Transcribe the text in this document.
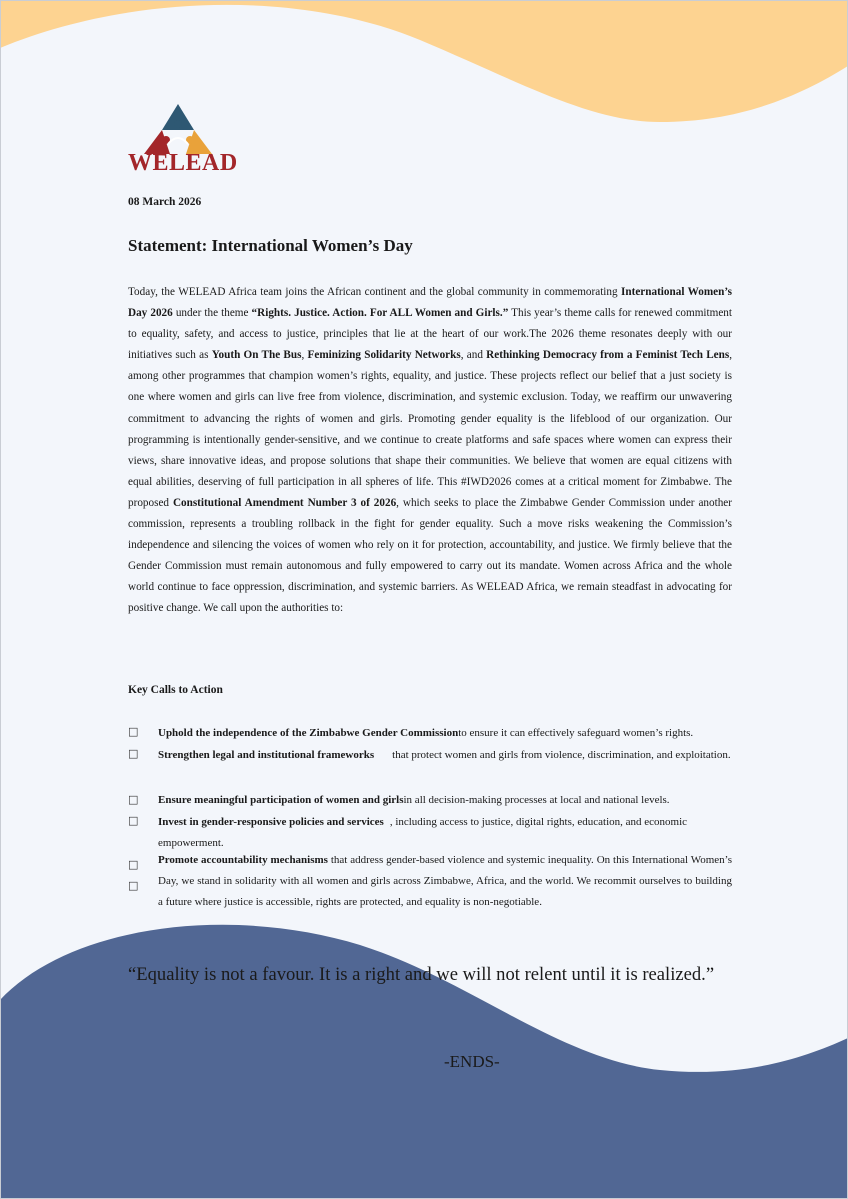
WELEAD
08 March 2026
Statement: International Women’s Day

Today, the WELEAD Africa team joins the African continent and the global community in commemorating International Women’s Day 2026 under the theme “Rights. Justice. Action. For ALL Women and Girls.” This year’s theme calls for renewed commitment to equality, safety, and access to justice, principles that lie at the heart of our work.The 2026 theme resonates deeply with our initiatives such as Youth On The Bus, Feminizing Solidarity Networks, and Rethinking Democracy from a Feminist Tech Lens, among other programmes that champion women’s rights, equality, and justice. These projects reflect our belief that a just society is one where women and girls can live free from violence, discrimination, and systemic exclusion. Today, we reaffirm our unwavering commitment to advancing the rights of women and girls. Promoting gender equality is the lifeblood of our organization. Our programming is intentionally gender-sensitive, and we continue to create platforms and safe spaces where women can express their views, share innovative ideas, and propose solutions that shape their communities. We believe that women are equal citizens with equal abilities, deserving of full participation in all spheres of life. This #IWD2026 comes at a critical moment for Zimbabwe. The proposed Constitutional Amendment Number 3 of 2026, which seeks to place the Zimbabwe Gender Commission under another commission, represents a troubling rollback in the fight for gender equality. Such a move risks weakening the Commission’s independence and silencing the voices of women who rely on it for protection, accountability, and justice. We firmly believe that the Gender Commission must remain autonomous and fully empowered to carry out its mandate. Women across Africa and the whole world continue to face oppression, discrimination, and systemic barriers. As WELEAD Africa, we remain steadfast in advocating for positive change. We call upon the authorities to:

Key Calls to Action
□ Uphold the independence of the Zimbabwe Gender Commissionto ensure it can effectively safeguard women’s rights.
□ Strengthen legal and institutional frameworks that protect women and girls from violence, discrimination, and exploitation.
□ Ensure meaningful participation of women and girlsin all decision-making processes at local and national levels.
□ Invest in gender-responsive policies and services , including access to justice, digital rights, education, and economic empowerment.
□
□
Promote accountability mechanisms that address gender-based violence and systemic inequality. On this International Women’s Day, we stand in solidarity with all women and girls across Zimbabwe, Africa, and the world. We recommit ourselves to building a future where justice is accessible, rights are protected, and equality is non-negotiable.
“Equality is not a favour. It is a right and we will not relent until it is realized.”
-ENDS-
